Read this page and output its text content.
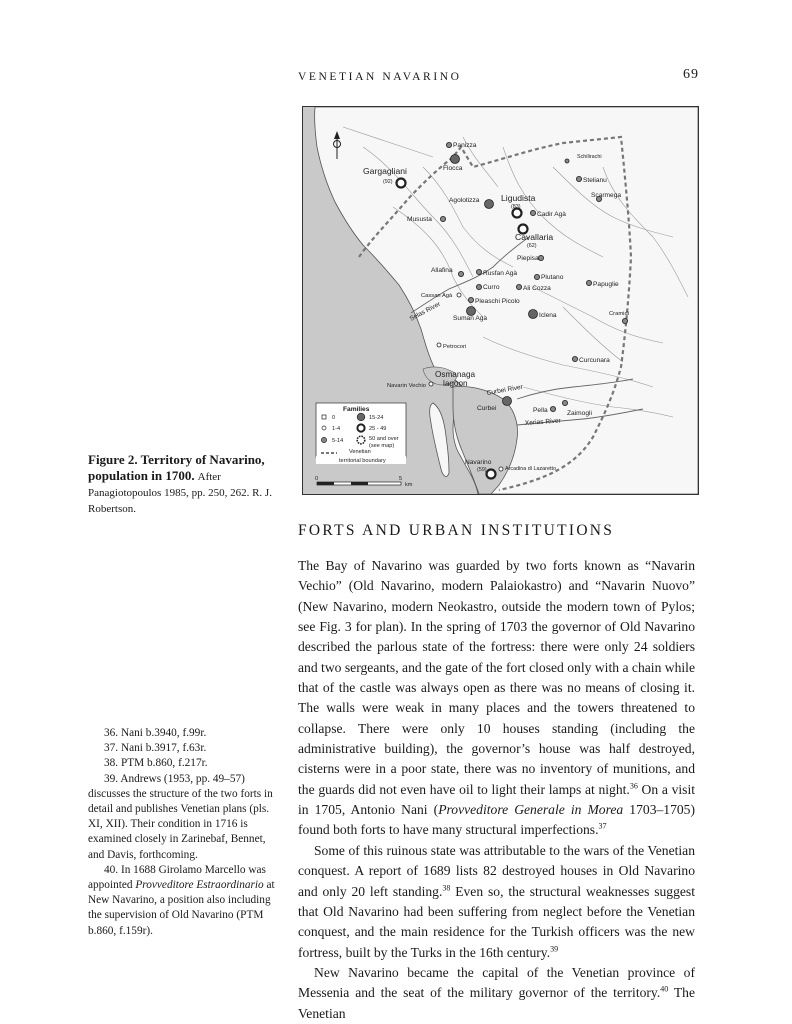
VENETIAN NAVARINO	69
Panizza
Flocca
Gargagliani
(92)
Schilirachi
Stelianu
Agolotizza	Ligudista
(83)
Cadir Agà
Scarmega
Mususta
Cavallaria
(62)
Piepisa
Allafina	Rusfan Agà
Plutano
Curro	Ali Cozza
Papuglie
Cassan Agà
Pleaschi Picolo
Suman Agà	Iclena	Cramidi
Petrocori
Curcunara
Navarin Vechio
Curbei	Pella	Zaimogli
Navarino
(59)	Arcadina di Lazaretto
Osmanaga
lagoon
Selas River
Curbei River
Xerias River
Families
0
1-4
5-14
15-24
25 - 49
50 and over
(see map)
Venetian
territorial boundary
0	5
km
Figure 2. Territory of Navarino, population in 1700. After Panagiotopoulos 1985, pp. 250, 262. R. J. Robertson.
FORTS AND URBAN INSTITUTIONS

The Bay of Navarino was guarded by two forts known as “Navarin Vechio” (Old Navarino, modern Palaiokastro) and “Navarin Nuovo” (New Navarino, modern Neokastro, outside the modern town of Pylos; see Fig. 3 for plan). In the spring of 1703 the governor of Old Navarino described the parlous state of the fortress: there were only 24 soldiers and two sergeants, and the gate of the fort closed only with a chain while that of the castle was always open as there was no means of closing it. The walls were weak in many places and the towers threatened to collapse. There were only 10 houses standing (including the administrative building), the governor’s house was half destroyed, cisterns were in a poor state, there was no inventory of munitions, and the guards did not even have oil to light their lamps at night.$^{36}$ On a visit in 1705, Antonio Nani (Provveditore Generale in Morea 1703–1705) found both forts to have many structural imperfections.$^{37}$

Some of this ruinous state was attributable to the wars of the Venetian conquest. A report of 1689 lists 82 destroyed houses in Old Navarino and only 20 left standing.$^{38}$ Even so, the structural weaknesses suggest that Old Navarino had been suffering from neglect before the Venetian conquest, and the main residence for the Turkish officers was the new fortress, built by the Turks in the 16th century.$^{39}$

New Navarino became the capital of the Venetian province of Messenia and the seat of the military governor of the territory.$^{40}$ The Venetian

36. Nani b.3940, f.99r.

37. Nani b.3917, f.63r.

38. PTM b.860, f.217r.

39. Andrews (1953, pp. 49–57) discusses the structure of the two forts in detail and publishes Venetian plans (pls. XI, XII). Their condition in 1716 is examined closely in Zarinebaf, Bennet, and Davis, forthcoming.

40. In 1688 Girolamo Marcello was appointed Provveditore Estraordinario at New Navarino, a position also including the supervision of Old Navarino (PTM b.860, f.159r).
